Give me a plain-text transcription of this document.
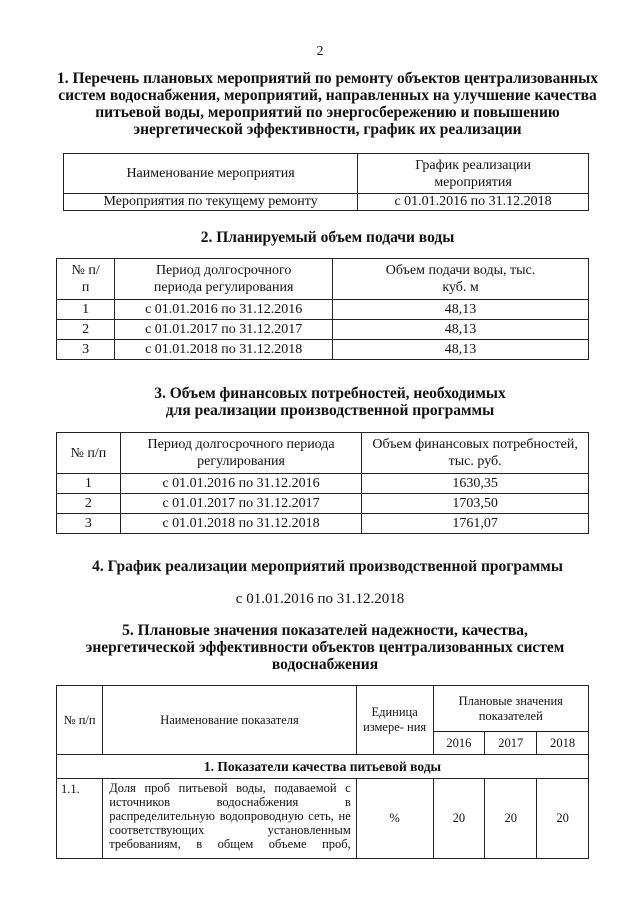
2
1. Перечень плановых мероприятий по ремонту объектов централизованных систем водоснабжения, мероприятий, направленных на улучшение качества питьевой воды, мероприятий по энергосбережению и повышению энергетической эффективности, график их реализации
Наименование мероприятия	График реализации мероприятия
Мероприятия по текущему ремонту	с 01.01.2016 по 31.12.2018
2. Планируемый объем подачи воды
№ п/п	Период долгосрочного периода регулирования	Объем подачи воды, тыс. куб. м
1	с 01.01.2016 по 31.12.2016	48,13
2	с 01.01.2017 по 31.12.2017	48,13
3	с 01.01.2018 по 31.12.2018	48,13
3. Объем финансовых потребностей, необходимых для реализации производственной программы
№ п/п	Период долгосрочного периода регулирования	Объем финансовых потребностей, тыс. руб.
1	с 01.01.2016 по 31.12.2016	1630,35
2	с 01.01.2017 по 31.12.2017	1703,50
3	с 01.01.2018 по 31.12.2018	1761,07
4. График реализации мероприятий производственной программы
с 01.01.2016 по 31.12.2018
5. Плановые значения показателей надежности, качества, энергетической эффективности объектов централизованных систем водоснабжения
№ п/п	Наименование показателя	Единица измере- ния	Плановые значения показателей		
			2016	2017	2018
1. Показатели качества питьевой воды					
1.1.	Доля проб питьевой воды, подаваемой с источников водоснабжения в распределительную водопроводную сеть, не соответствующих установленным требованиям, в общем объеме проб,	%	20	20	20
